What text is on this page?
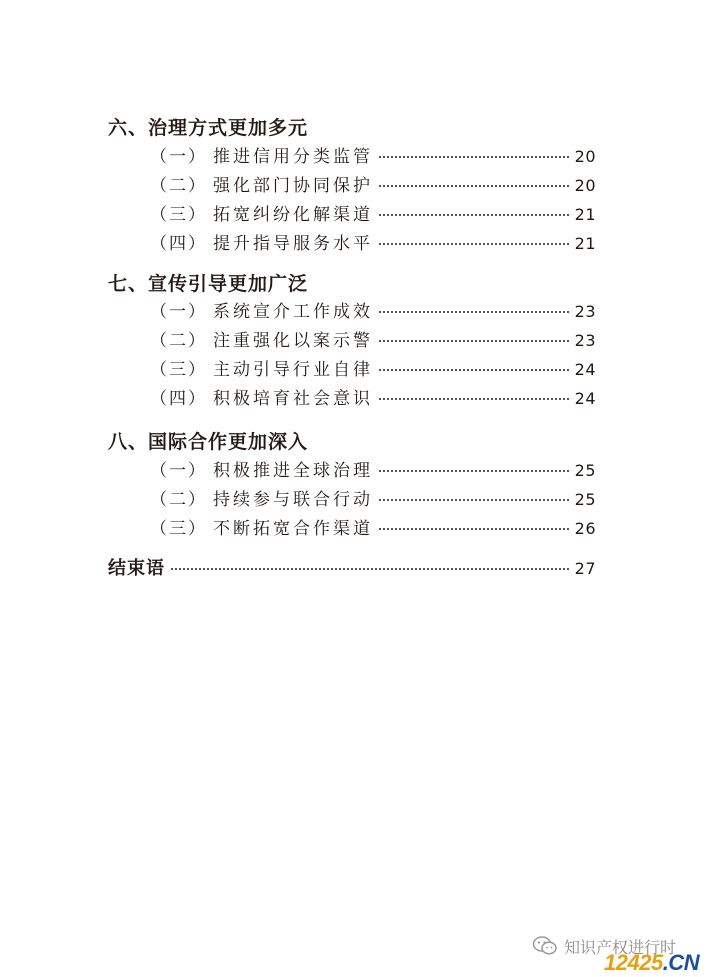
六、治理方式更加多元
（一） 推进信用分类监管	20
（二） 强化部门协同保护	20
（三） 拓宽纠纷化解渠道	21
（四） 提升指导服务水平	21
七、宣传引导更加广泛
（一） 系统宣介工作成效	23
（二） 注重强化以案示警	23
（三） 主动引导行业自律	24
（四） 积极培育社会意识	24
八、国际合作更加深入
（一） 积极推进全球治理	25
（二） 持续参与联合行动	25
（三） 不断拓宽合作渠道	26
结束语	27
知识产权进行时
12425.CN
